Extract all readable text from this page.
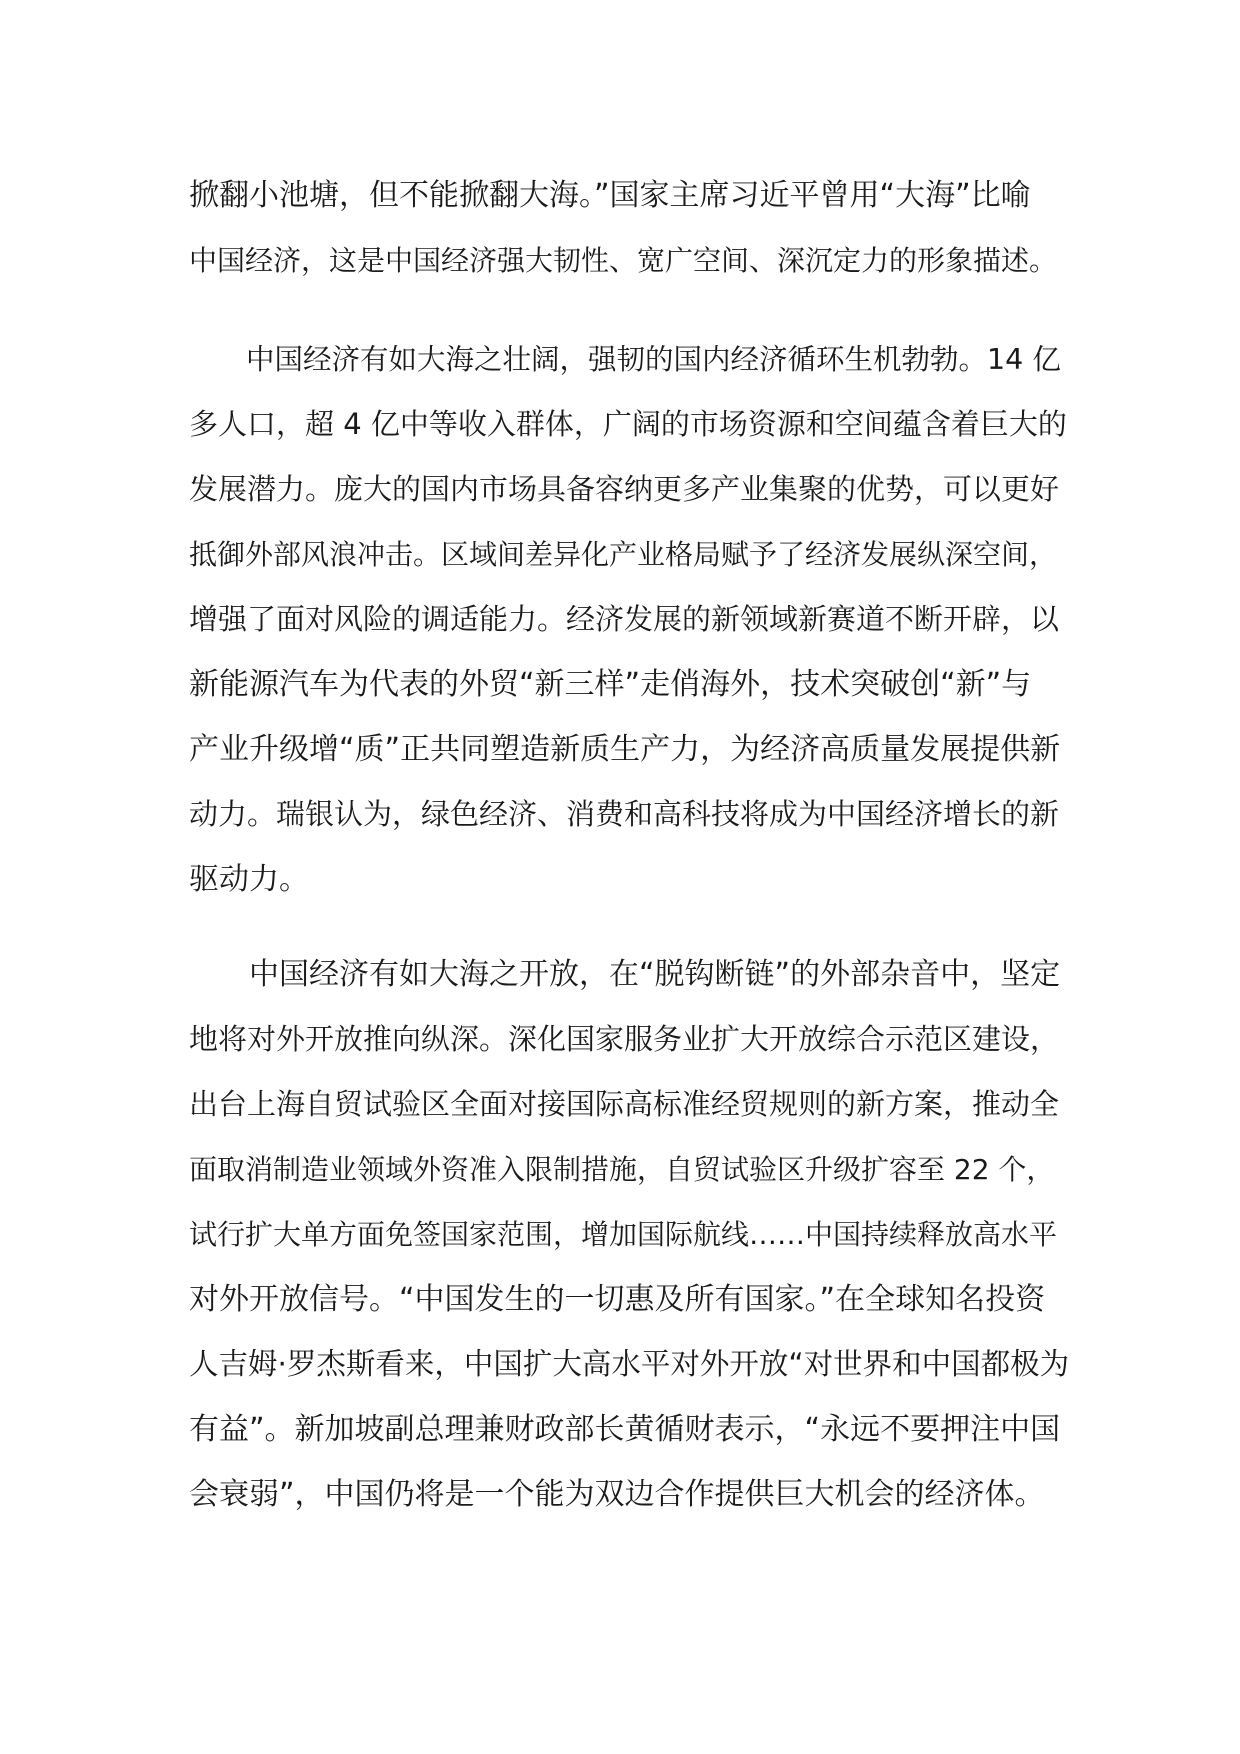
掀翻小池塘，但不能掀翻大海。”国家主席习近平曾用“大海”比喻
中国经济，这是中国经济强大韧性、宽广空间、深沉定力的形象描述。
　　中国经济有如大海之壮阔，强韧的国内经济循环生机勃勃。14 亿
多人口，超 4 亿中等收入群体，广阔的市场资源和空间蕴含着巨大的
发展潜力。庞大的国内市场具备容纳更多产业集聚的优势，可以更好
抵御外部风浪冲击。区域间差异化产业格局赋予了经济发展纵深空间，
增强了面对风险的调适能力。经济发展的新领域新赛道不断开辟，以
新能源汽车为代表的外贸“新三样”走俏海外，技术突破创“新”与
产业升级增“质”正共同塑造新质生产力，为经济高质量发展提供新
动力。瑞银认为，绿色经济、消费和高科技将成为中国经济增长的新
驱动力。
　　中国经济有如大海之开放，在“脱钩断链”的外部杂音中，坚定
地将对外开放推向纵深。深化国家服务业扩大开放综合示范区建设，
出台上海自贸试验区全面对接国际高标准经贸规则的新方案，推动全
面取消制造业领域外资准入限制措施，自贸试验区升级扩容至 22 个，
试行扩大单方面免签国家范围，增加国际航线……中国持续释放高水平
对外开放信号。“中国发生的一切惠及所有国家。”在全球知名投资
人吉姆·罗杰斯看来，中国扩大高水平对外开放“对世界和中国都极为
有益”。新加坡副总理兼财政部长黄循财表示，“永远不要押注中国
会衰弱”，中国仍将是一个能为双边合作提供巨大机会的经济体。
